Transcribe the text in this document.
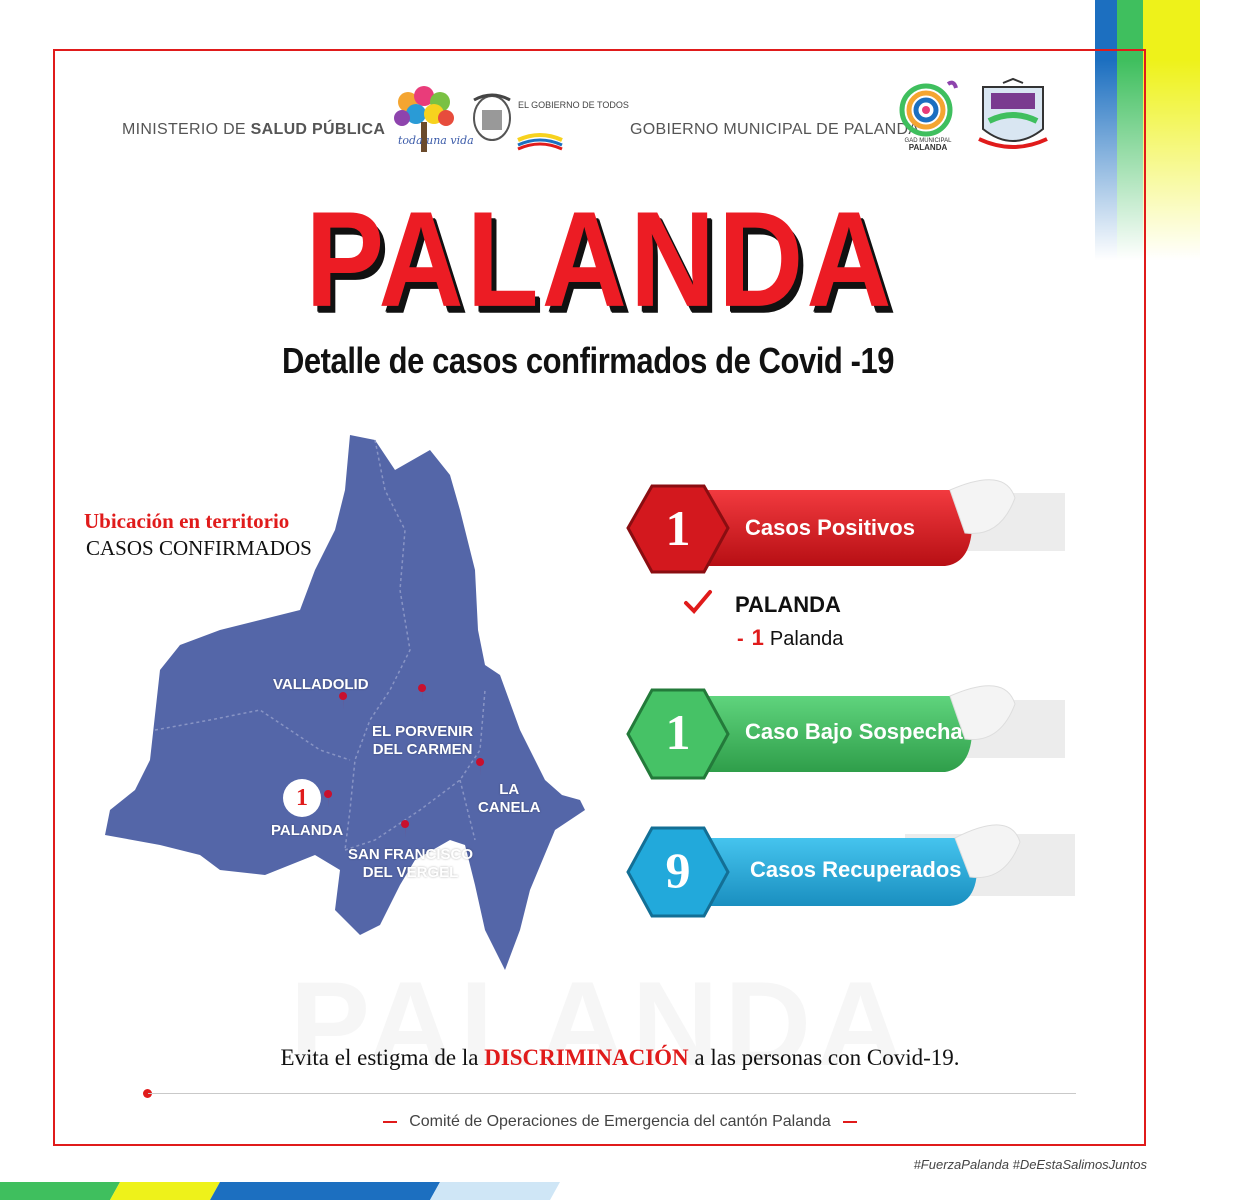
MINISTERIO DE SALUD PÚBLICA
toda una vida
EL GOBIERNO DE TODOS
GOBIERNO MUNICIPAL DE PALANDA
GAD MUNICIPAL
PALANDA
PALANDA
Detalle de casos confirmados de Covid -19
Ubicación en territorio
CASOS CONFIRMADOS
VALLADOLID
EL PORVENIR
DEL CARMEN
LA
CANELA
1
PALANDA
SAN FRANCISCO
DEL VERGEL
1	Casos Positivos
PALANDA
- 1 Palanda
1	Caso Bajo Sospecha
9	Casos Recuperados
Evita el estigma de la DISCRIMINACIÓN a las personas con Covid-19.
Comité de Operaciones de Emergencia del cantón Palanda
#FuerzaPalanda #DeEstaSalimosJuntos
